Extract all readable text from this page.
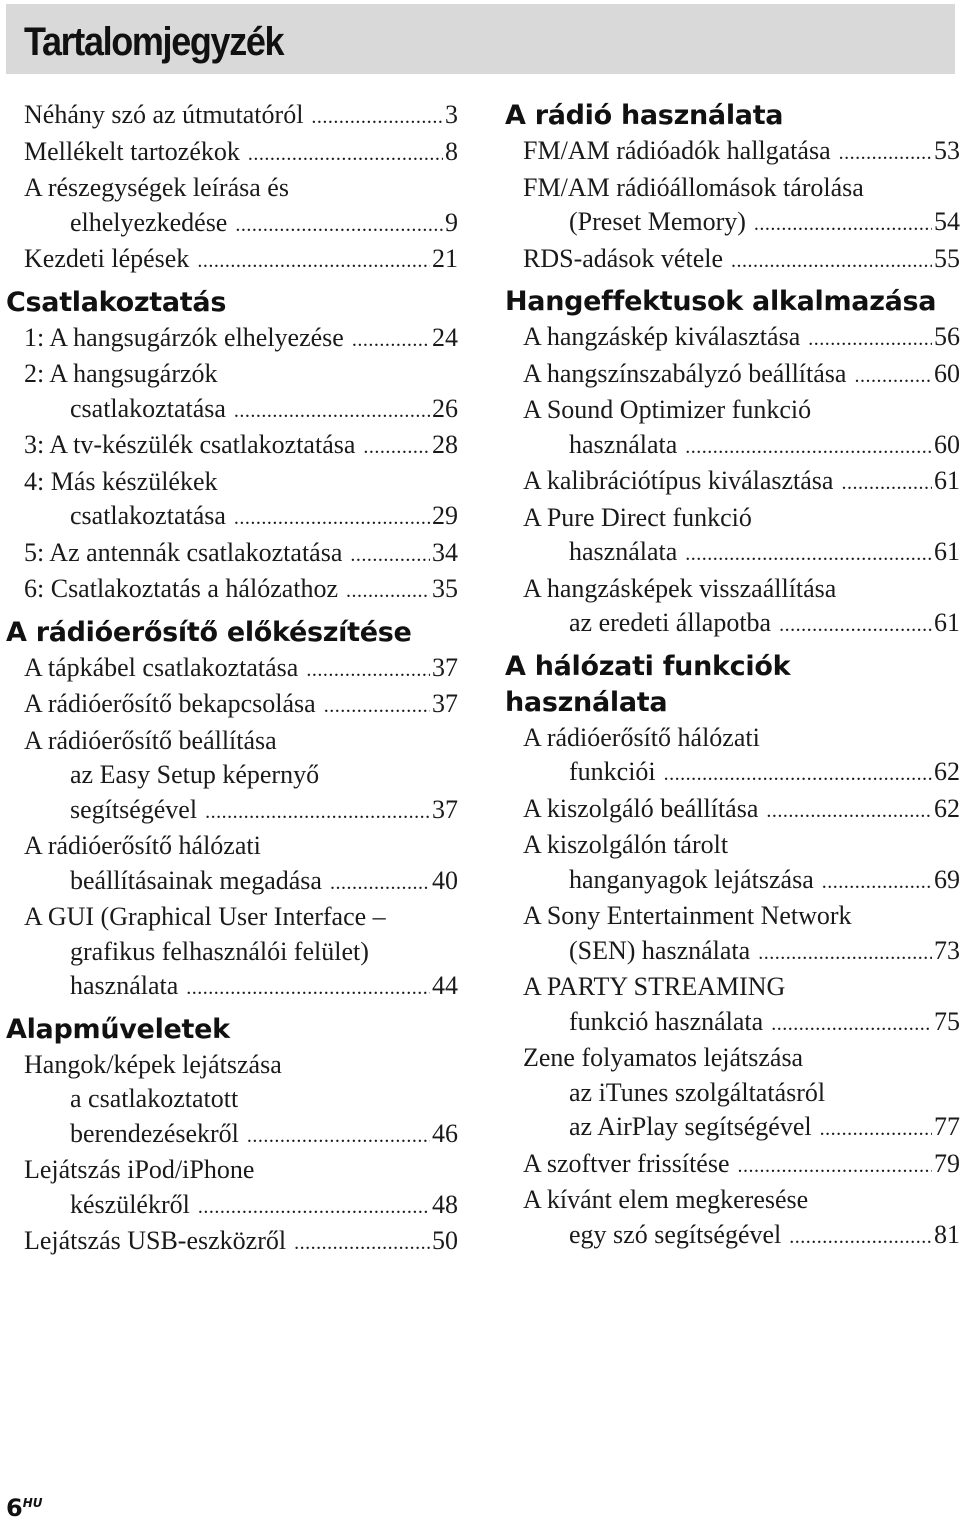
Tartalomjegyzék
Néhány szó az útmutatóról .....	3
Mellékelt tartozékok .....	8
A részegységek leírása és
elhelyezkedése .....	9
Kezdeti lépések .....	21
Csatlakoztatás
1: A hangsugárzók elhelyezése .....	24
2: A hangsugárzók
csatlakoztatása .....	26
3: A tv-készülék csatlakoztatása .....	28
4: Más készülékek
csatlakoztatása .....	29
5: Az antennák csatlakoztatása .....	34
6: Csatlakoztatás a hálózathoz .....	35
A rádióerősítő előkészítése
A tápkábel csatlakoztatása .....	37
A rádióerősítő bekapcsolása .....	37
A rádióerősítő beállítása
az Easy Setup képernyő
segítségével .....	37
A rádióerősítő hálózati
beállításainak megadása .....	40
A GUI (Graphical User Interface –
grafikus felhasználói felület)
használata .....	44
Alapműveletek
Hangok/képek lejátszása
a csatlakoztatott
berendezésekről .....	46
Lejátszás iPod/iPhone
készülékről .....	48
Lejátszás USB-eszközről .....	50
A rádió használata
FM/AM rádióadók hallgatása .....	53
FM/AM rádióállomások tárolása
(Preset Memory) .....	54
RDS-adások vétele .....	55
Hangeffektusok alkalmazása
A hangzáskép kiválasztása .....	56
A hangszínszabályzó beállítása .....	60
A Sound Optimizer funkció
használata .....	60
A kalibrációtípus kiválasztása .....	61
A Pure Direct funkció
használata .....	61
A hangzásképek visszaállítása
az eredeti állapotba .....	61
A hálózati funkciók
használata
A rádióerősítő hálózati
funkciói .....	62
A kiszolgáló beállítása .....	62
A kiszolgálón tárolt
hanganyagok lejátszása .....	69
A Sony Entertainment Network
(SEN) használata .....	73
A PARTY STREAMING
funkció használata .....	75
Zene folyamatos lejátszása
az iTunes szolgáltatásról
az AirPlay segítségével .....	77
A szoftver frissítése .....	79
A kívánt elem megkeresése
egy szó segítségével .....	81
$6^{HU}$
